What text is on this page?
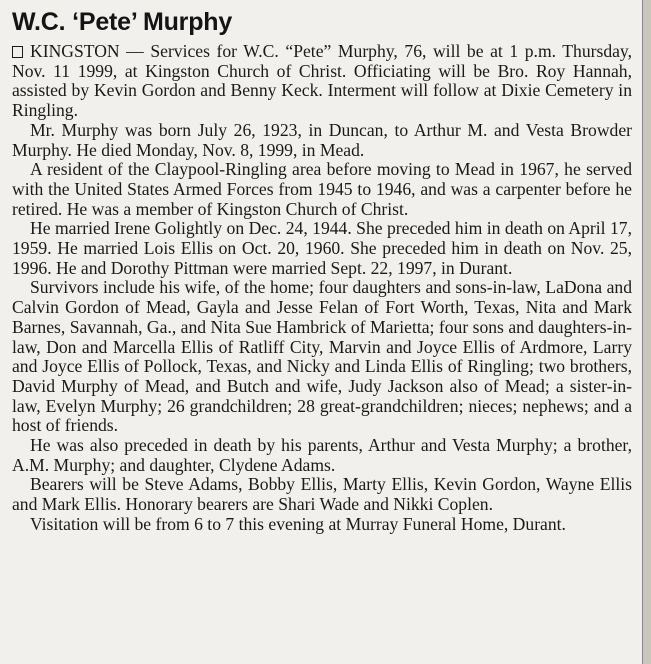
W.C. ‘Pete’ Murphy

KINGSTON — Services for W.C. “Pete” Murphy, 76, will be at 1 p.m. Thursday, Nov. 11 1999, at Kingston Church of Christ. Officiating will be Bro. Roy Hannah, assisted by Kevin Gordon and Benny Keck. Interment will follow at Dixie Cemetery in Ringling.

Mr. Murphy was born July 26, 1923, in Duncan, to Arthur M. and Vesta Browder Murphy. He died Monday, Nov. 8, 1999, in Mead.

A resident of the Claypool-Ringling area before moving to Mead in 1967, he served with the United States Armed Forces from 1945 to 1946, and was a carpenter before he retired. He was a member of Kingston Church of Christ.

He married Irene Golightly on Dec. 24, 1944. She preceded him in death on April 17, 1959. He married Lois Ellis on Oct. 20, 1960. She preceded him in death on Nov. 25, 1996. He and Dorothy Pittman were married Sept. 22, 1997, in Durant.

Survivors include his wife, of the home; four daughters and sons-in-law, LaDona and Calvin Gordon of Mead, Gayla and Jesse Felan of Fort Worth, Texas, Nita and Mark Barnes, Savannah, Ga., and Nita Sue Hambrick of Marietta; four sons and daughters-in-law, Don and Marcella Ellis of Ratliff City, Marvin and Joyce Ellis of Ardmore, Larry and Joyce Ellis of Pollock, Texas, and Nicky and Linda Ellis of Ringling; two brothers, David Murphy of Mead, and Butch and wife, Judy Jackson also of Mead; a sister-in-law, Evelyn Murphy; 26 grandchildren; 28 great-grandchildren; nieces; nephews; and a host of friends.

He was also preceded in death by his parents, Arthur and Vesta Murphy; a brother, A.M. Murphy; and daughter, Clydene Adams.

Bearers will be Steve Adams, Bobby Ellis, Marty Ellis, Kevin Gordon, Wayne Ellis and Mark Ellis. Honorary bearers are Shari Wade and Nikki Coplen.

Visitation will be from 6 to 7 this evening at Murray Funeral Home, Durant.
